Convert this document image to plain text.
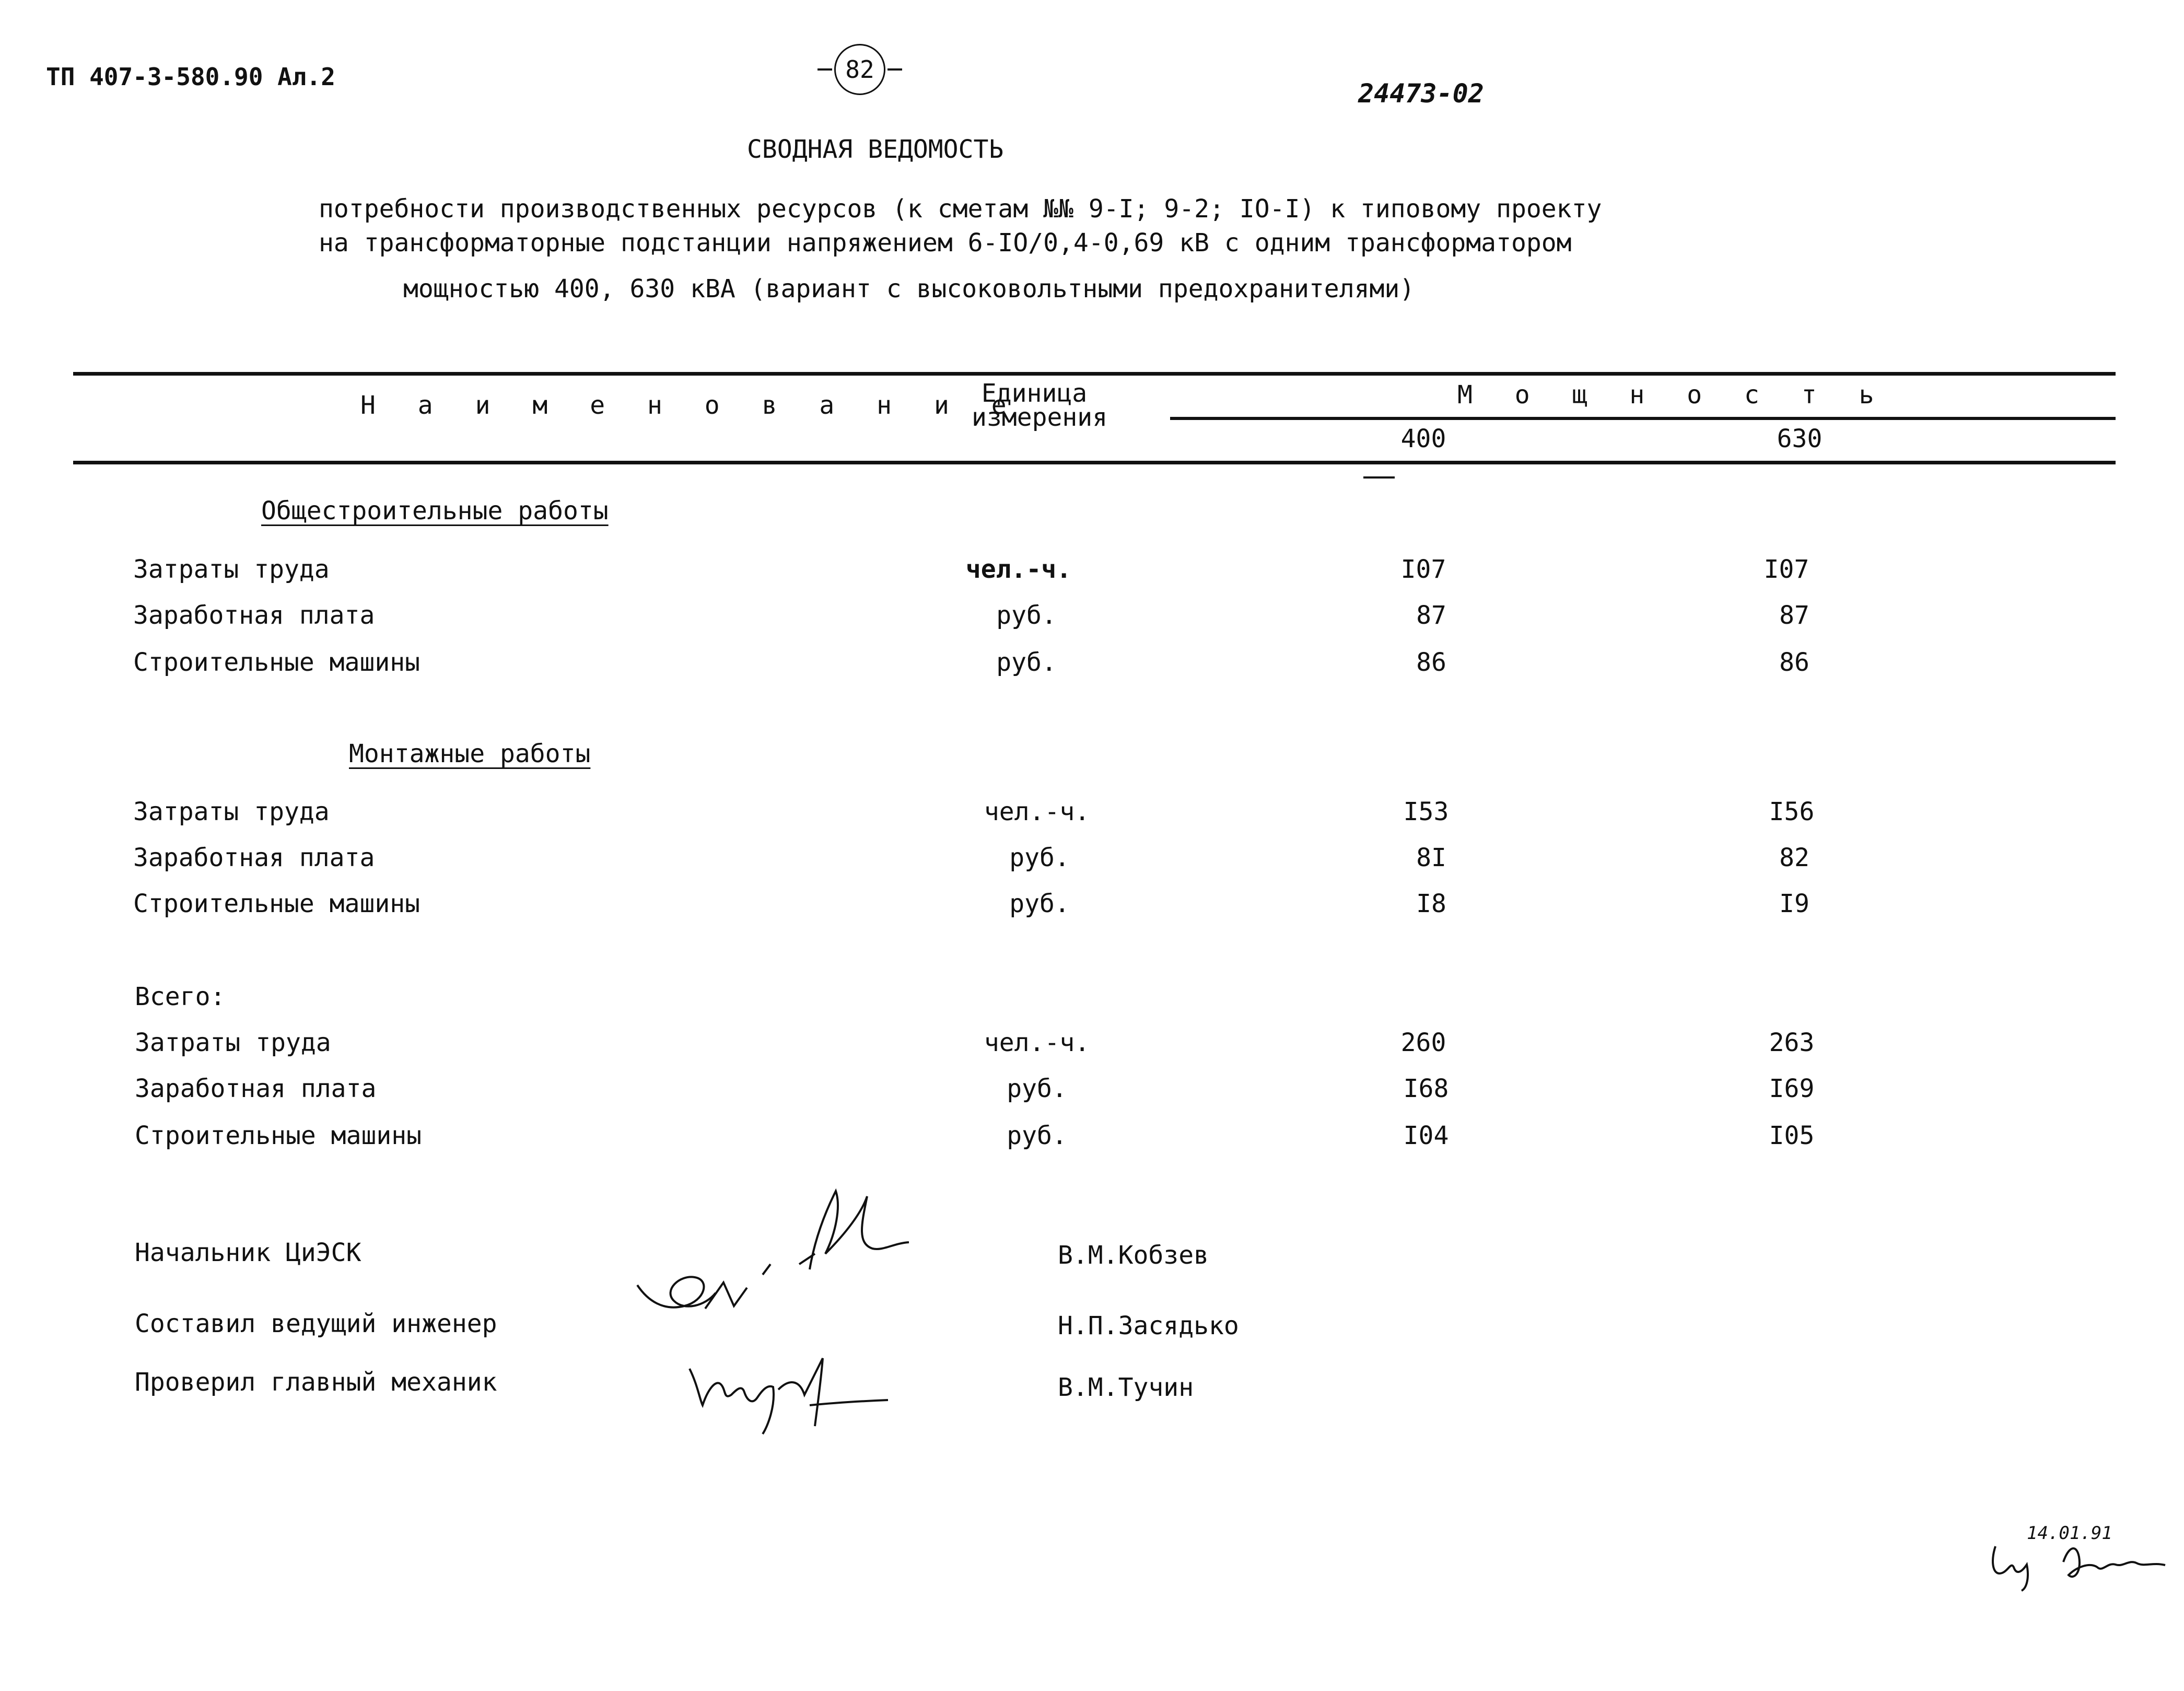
ТП 407-3-580.90 Ал.2	82
24473-02
СВОДНАЯ ВЕДОМОСТЬ
потребности производственных ресурсов (к сметам №№ 9-I; 9-2; IO-I) к типовому проекту
на трансформаторные подстанции напряжением 6-IO/0,4-0,69 кВ с одним трансформатором
мощностью 400, 630 кВА (вариант с высоковольтными предохранителями)
Н а и м е н о в а н и е
Единица
измерения
М о щ н о с т ь
400	630
Общестроительные работы
Затраты труда	чел.-ч.	I07	I07
Заработная плата	руб.	87	87
Строительные машины	руб.	86	86
Монтажные работы
Затраты труда	чел.-ч.	I53	I56
Заработная плата	руб.	8I	82
Строительные машины	руб.	I8	I9
Всего:
Затраты труда	чел.-ч.	260	263
Заработная плата	руб.	I68	I69
Строительные машины	руб.	I04	I05
Начальник ЦиЭСК	В.М.Кобзев
Составил ведущий инженер	Н.П.Засядько
Проверил главный механик	В.М.Тучин
14.01.91
